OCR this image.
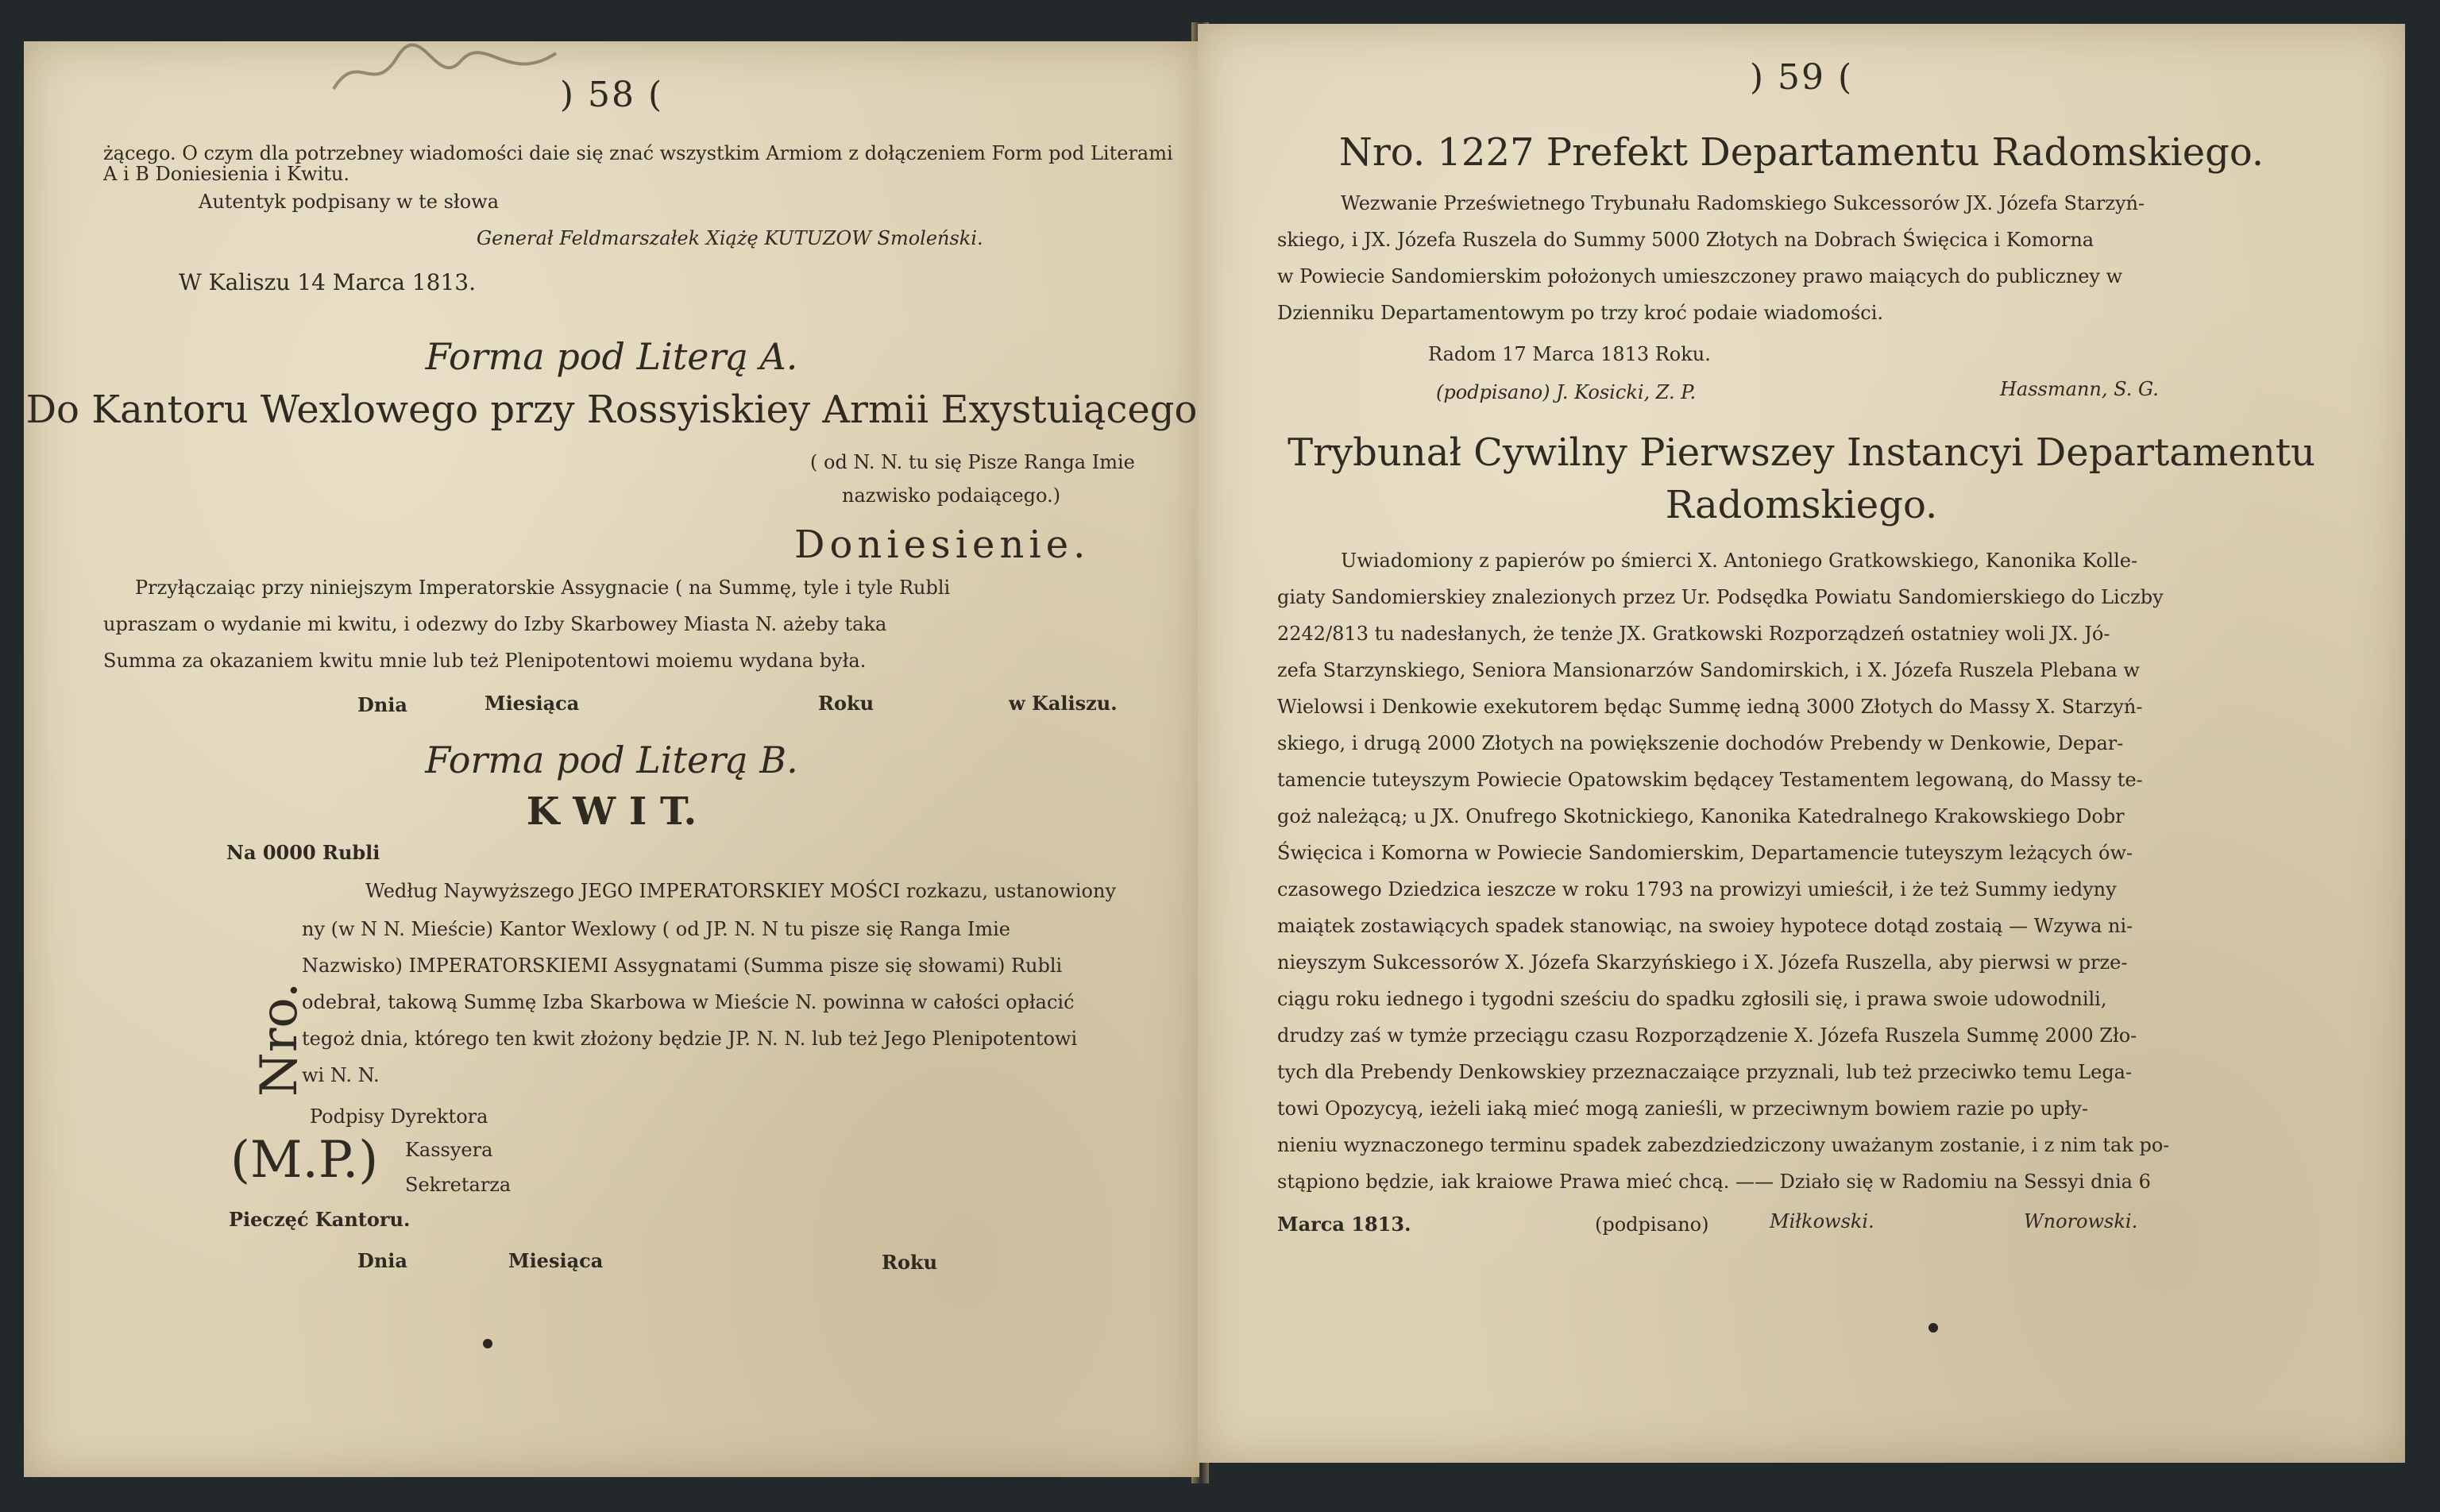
) 58 (
żącego. O czym dla potrzebney wiadomości daie się znać wszystkim Armiom z dołączeniem Form pod Literami A i B Doniesienia i Kwitu.
Autentyk podpisany w te słowa
Generał Feldmarszałek Xiążę KUTUZOW Smoleński.
W Kaliszu 14 Marca 1813.
Forma pod Literą A.
Do Kantoru Wexlowego przy Rossyiskiey Armii Exystuiącego
( od N. N. tu się Pisze Ranga Imie
nazwisko podaiącego.)
Doniesienie.
Przyłączaiąc przy niniejszym Imperatorskie Assygnacie ( na Summę, tyle i tyle Rubli
upraszam o wydanie mi kwitu, i odezwy do Izby Skarbowey Miasta N. ażeby taka
Summa za okazaniem kwitu mnie lub też Plenipotentowi moiemu wydana była.
Dnia	Miesiąca	Roku	w Kaliszu.
Forma pod Literą B.
K W I T.
Na 0000 Rubli
Według Naywyższego JEGO IMPERATORSKIEY MOŚCI rozkazu, ustanowiony
ny (w N N. Mieście) Kantor Wexlowy ( od JP. N. N tu pisze się Ranga Imie
Nazwisko) IMPERATORSKIEMI Assygnatami (Summa pisze się słowami) Rubli
odebrał, takową Summę Izba Skarbowa w Mieście N. powinna w całości opłacić
tegoż dnia, którego ten kwit złożony będzie JP. N. N. lub też Jego Plenipotentowi
wi N. N.
Nro.
Podpisy Dyrektora
(M.P.) Kassyera
Sekretarza
Pieczęć Kantoru.
Dnia	Miesiąca	Roku
) 59 (
Nro. 1227 Prefekt Departamentu Radomskiego.
Wezwanie Prześwietnego Trybunału Radomskiego Sukcessorów JX. Józefa Starzyń-
skiego, i JX. Józefa Ruszela do Summy 5000 Złotych na Dobrach Święcica i Komorna
w Powiecie Sandomierskim położonych umieszczoney prawo maiących do publiczney w
Dzienniku Departamentowym po trzy kroć podaie wiadomości.
Radom 17 Marca 1813 Roku.
(podpisano) J. Kosicki, Z. P.	Hassmann, S. G.
Trybunał Cywilny Pierwszey Instancyi Departamentu
Radomskiego.
Uwiadomiony z papierów po śmierci X. Antoniego Gratkowskiego, Kanonika Kolle-
giaty Sandomierskiey znalezionych przez Ur. Podsędka Powiatu Sandomierskiego do Liczby
2242/813 tu nadesłanych, że tenże JX. Gratkowski Rozporządzeń ostatniey woli JX. Jó-
zefa Starzynskiego, Seniora Mansionarzów Sandomirskich, i X. Józefa Ruszela Plebana w
Wielowsi i Denkowie exekutorem będąc Summę iedną 3000 Złotych do Massy X. Starzyń-
skiego, i drugą 2000 Złotych na powiększenie dochodów Prebendy w Denkowie, Depar-
tamencie tuteyszym Powiecie Opatowskim będącey Testamentem legowaną, do Massy te-
goż należącą; u JX. Onufrego Skotnickiego, Kanonika Katedralnego Krakowskiego Dobr
Święcica i Komorna w Powiecie Sandomierskim, Departamencie tuteyszym leżących ów-
czasowego Dziedzica ieszcze w roku 1793 na prowizyi umieścił, i że też Summy iedyny
maiątek zostawiących spadek stanowiąc, na swoiey hypotece dotąd zostaią — Wzywa ni-
nieyszym Sukcessorów X. Józefa Skarzyńskiego i X. Józefa Ruszella, aby pierwsi w prze-
ciągu roku iednego i tygodni sześciu do spadku zgłosili się, i prawa swoie udowodnili,
drudzy zaś w tymże przeciągu czasu Rozporządzenie X. Józefa Ruszela Summę 2000 Zło-
tych dla Prebendy Denkowskiey przeznaczaiące przyznali, lub też przeciwko temu Lega-
towi Opozycyą, ieżeli iaką mieć mogą zanieśli, w przeciwnym bowiem razie po upły-
nieniu wyznaczonego terminu spadek zabezdziedziczony uważanym zostanie, i z nim tak po-
stąpiono będzie, iak kraiowe Prawa mieć chcą. —— Działo się w Radomiu na Sessyi dnia 6
Marca 1813.	(podpisano)	Miłkowski.	Wnorowski.
